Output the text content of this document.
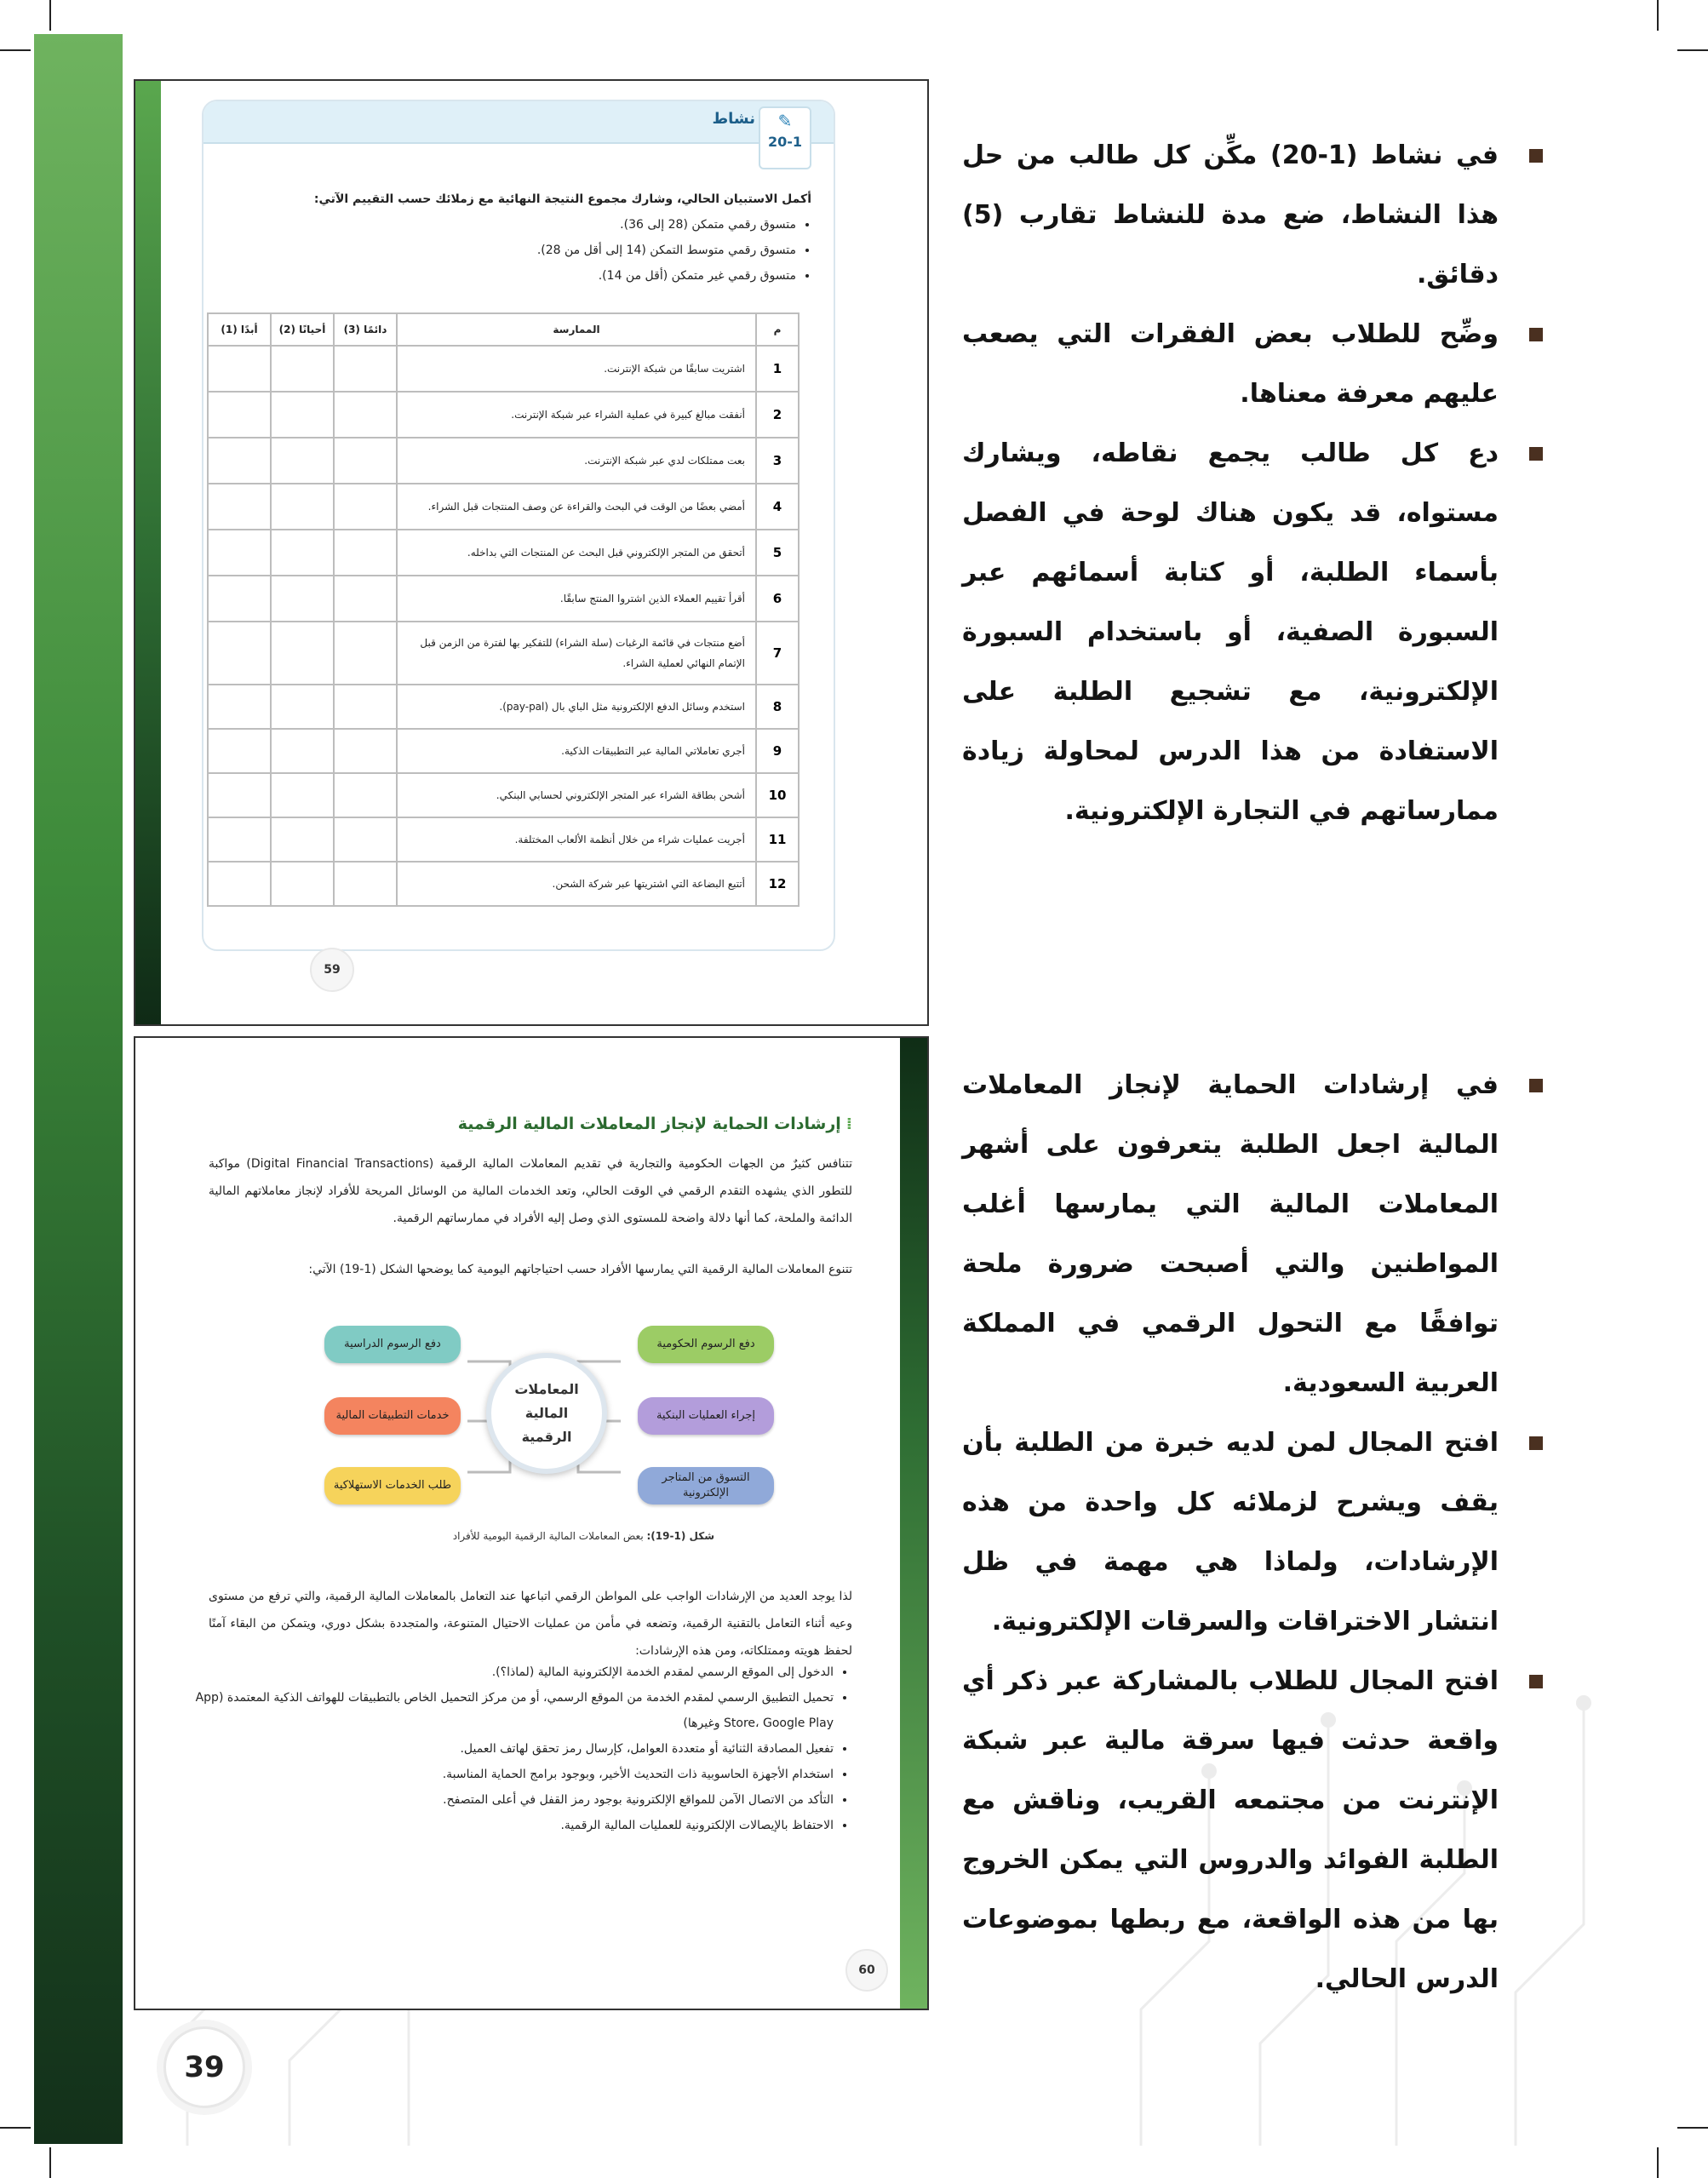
نشاط	✎
20-1
أكمل الاستبيان الحالي، وشارك مجموع النتيجة النهائية مع زملائك حسب التقييم الآتي:
• متسوق رقمي متمكن (28 إلى 36).
• متسوق رقمي متوسط التمكن (14 إلى أقل من 28).
• متسوق رقمي غير متمكن (أقل من 14).
م	الممارسة	دائمًا (3)	أحيانًا (2)	أبدًا (1)
1	اشتريت سابقًا من شبكة الإنترنت.			
2	أنفقت مبالغ كبيرة في عملية الشراء عبر شبكة الإنترنت.			
3	بعت ممتلكات لدي عبر شبكة الإنترنت.			
4	أمضي بعضًا من الوقت في البحث والقراءة عن وصف المنتجات قبل الشراء.			
5	أتحقق من المتجر الإلكتروني قبل البحث عن المنتجات التي بداخله.			
6	أقرأ تقييم العملاء الذين اشتروا المنتج سابقًا.			
7	أضع منتجات في قائمة الرغبات (سلة الشراء) للتفكير بها لفترة من الزمن قبل الإتمام النهائي لعملية الشراء.			
8	استخدم وسائل الدفع الإلكترونية مثل الباي بال (pay-pal).			
9	أجري تعاملاتي المالية عبر التطبيقات الذكية.			
10	أشحن بطاقة الشراء عبر المتجر الإلكتروني لحسابي البنكي.			
11	أجريت عمليات شراء من خلال أنظمة الألعاب المختلفة.			
12	أتتبع البضاعة التي اشتريتها عبر شركة الشحن.			
59
⁞إرشادات الحماية لإنجاز المعاملات المالية الرقمية
تتنافس كثيرٌ من الجهات الحكومية والتجارية في تقديم المعاملات المالية الرقمية (Digital Financial Transactions) مواكبة للتطور الذي يشهده التقدم الرقمي في الوقت الحالي، وتعد الخدمات المالية من الوسائل المريحة للأفراد لإنجاز معاملاتهم المالية الدائمة والملحة، كما أنها دلالة واضحة للمستوى الذي وصل إليه الأفراد في ممارساتهم الرقمية.
تتنوع المعاملات المالية الرقمية التي يمارسها الأفراد حسب احتياجاتهم اليومية كما يوضحها الشكل (1-19) الآتي:
المعاملات
المالية
الرقمية
دفع الرسوم الحكومية
إجراء العمليات البنكية
التسوق من المتاجر الإلكترونية
دفع الرسوم الدراسية
خدمات التطبيقات المالية
طلب الخدمات الاستهلاكية
شكل (1-19): بعض المعاملات المالية الرقمية اليومية للأفراد
لذا يوجد العديد من الإرشادات الواجب على المواطن الرقمي اتباعها عند التعامل بالمعاملات المالية الرقمية، والتي ترفع من مستوى وعيه أثناء التعامل بالتقنية الرقمية، وتضعه في مأمن من عمليات الاحتيال المتنوعة، والمتجددة بشكل دوري، ويتمكن من البقاء آمنًا لحفظ هويته وممتلكاته، ومن هذه الإرشادات:
• الدخول إلى الموقع الرسمي لمقدم الخدمة الإلكترونية المالية (لماذا؟).
• تحميل التطبيق الرسمي لمقدم الخدمة من الموقع الرسمي، أو من مركز التحميل الخاص بالتطبيقات للهواتف الذكية المعتمدة (App Store، Google Play وغيرها)
• تفعيل المصادقة الثنائية أو متعددة العوامل، كإرسال رمز تحقق لهاتف العميل.
• استخدام الأجهزة الحاسوبية ذات التحديث الأخير، وبوجود برامج الحماية المناسبة.
• التأكد من الاتصال الآمن للمواقع الإلكترونية بوجود رمز القفل في أعلى المتصفح.
• الاحتفاظ بالإيصالات الإلكترونية للعمليات المالية الرقمية.
60
في نشاط (1-20) مكِّن كل طالب من حل هذا النشاط، ضع مدة للنشاط تقارب (5) دقائق.
وضِّح للطلاب بعض الفقرات التي يصعب عليهم معرفة معناها.
دع كل طالب يجمع نقاطه، ويشارك مستواه، قد يكون هناك لوحة في الفصل بأسماء الطلبة، أو كتابة أسمائهم عبر السبورة الصفية، أو باستخدام السبورة الإلكترونية، مع تشجيع الطلبة على الاستفادة من هذا الدرس لمحاولة زيادة ممارساتهم في التجارة الإلكترونية.
في إرشادات الحماية لإنجاز المعاملات المالية اجعل الطلبة يتعرفون على أشهر المعاملات المالية التي يمارسها أغلب المواطنين والتي أصبحت ضرورة ملحة توافقًا مع التحول الرقمي في المملكة العربية السعودية.
افتح المجال لمن لديه خبرة من الطلبة بأن يقف ويشرح لزملائه كل واحدة من هذه الإرشادات، ولماذا هي مهمة في ظل انتشار الاختراقات والسرقات الإلكترونية.
افتح المجال للطلاب بالمشاركة عبر ذكر أي واقعة حدثت فيها سرقة مالية عبر شبكة الإنترنت من مجتمعه القريب، وناقش مع الطلبة الفوائد والدروس التي يمكن الخروج بها من هذه الواقعة، مع ربطها بموضوعات الدرس الحالي.
39
